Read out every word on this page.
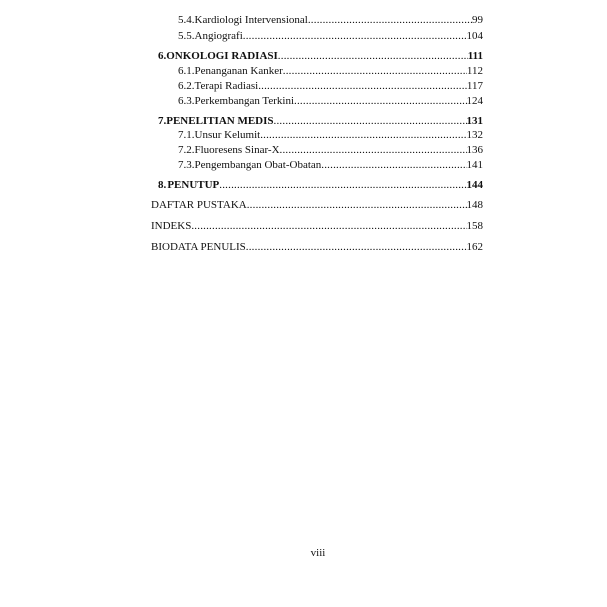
5.4. Kardiologi Intervensional .....	99
5.5. Angiografi .....	104
6. ONKOLOGI RADIASI .....	111
6.1. Penanganan Kanker .....	112
6.2. Terapi Radiasi .....	117
6.3. Perkembangan Terkini .....	124
7. PENELITIAN MEDIS .....	131
7.1. Unsur Kelumit .....	132
7.2. Fluoresens Sinar-X .....	136
7.3. Pengembangan Obat-Obatan .....	141
8. PENUTUP .....	144
DAFTAR PUSTAKA .....	148
INDEKS .....	158
BIODATA PENULIS .....	162
viii
